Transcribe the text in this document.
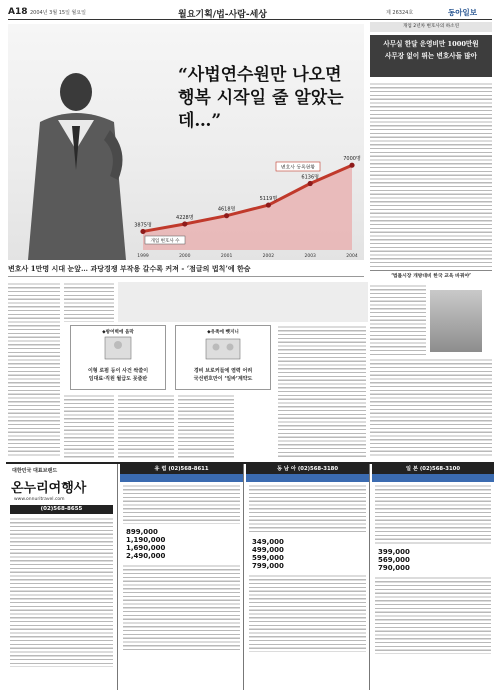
A18 2004년 3월 15일 월요일	월요기획/법-사람-세상	제 26324호	동아일보
3875명
1999
4228명
2000
4618명
2001
5119명
2002
6136명
2003
7000명
2004
변호사 등록현황
개업 변호사 수
“사법연수원만 나오면
행복 시작일 줄 알았는데…”
변호사 1만명 시대 눈앞… 과당경쟁 부작용 갈수록 커져 - ‘점글의 법칙’에 한숨
◆방어벽에 움막
이형 로펌 등이 사건 싹쓸이
임대료·직원 월급도 못줄판
◆유족에 뺏지니
경비 브로커들에 염력 어려
국선변호만이 ‘일바’계약도
개업 2년차 변호사의 하소연
사무실 한달 운영비만 1000만원
사무장 없이 뛰는 변호사들 많아
‘법률시장 개방대비 한국 교육 바꿔야’
대한민국 대표브랜드
온누리여행사
www.onnuritravel.com
(02)568-8655
유 럽 (02)568-8611
899,000
1,190,000
1,690,000
2,490,000
동 남 아 (02)568-3180
349,000
499,000
599,000
799,000
일 본 (02)568-3100
399,000
569,000
790,000
